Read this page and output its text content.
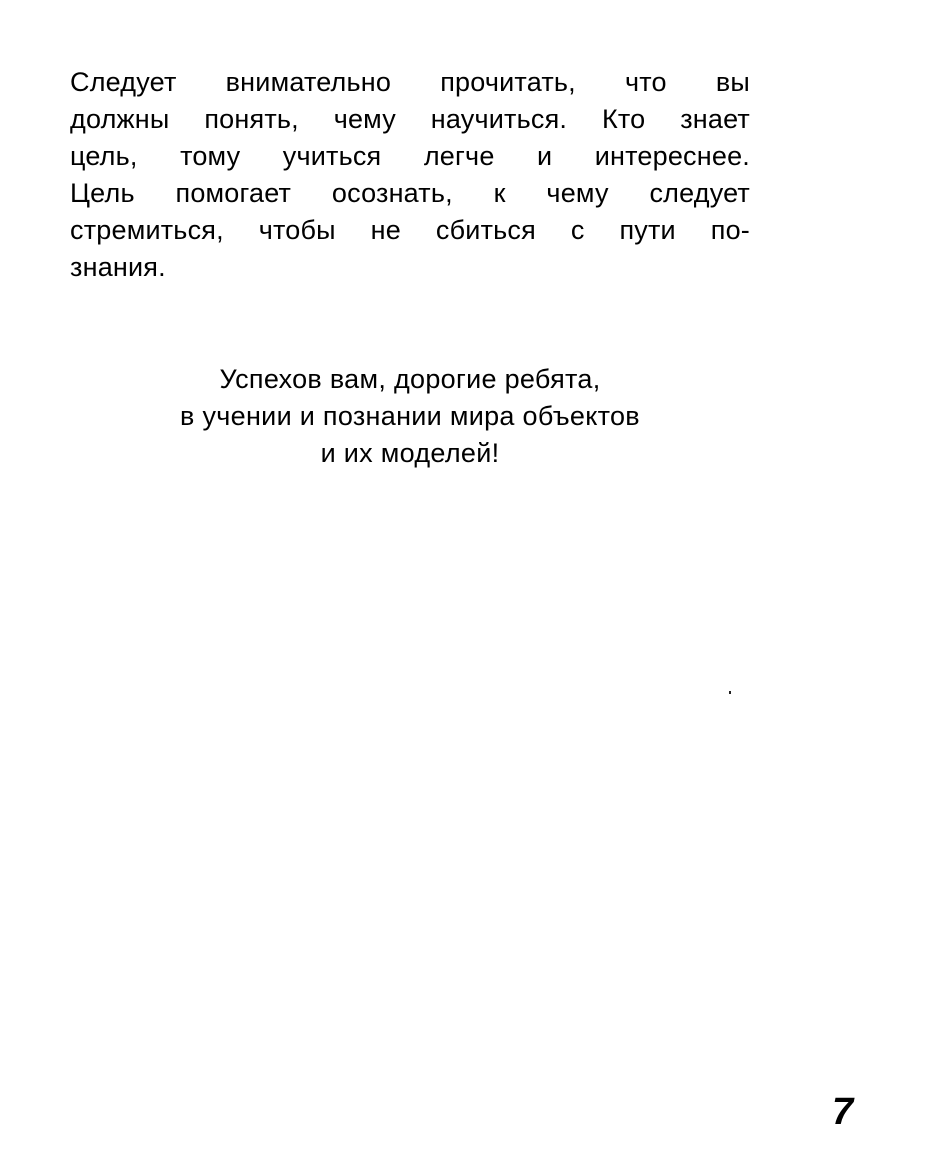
Следует внимательно прочитать, что вы
должны понять, чему научиться. Кто знает
цель, тому учиться легче и интереснее.
Цель помогает осознать, к чему следует
стремиться, чтобы не сбиться с пути по-
знания.

Успехов вам, дорогие ребята,
в учении и познании мира объектов
и их моделей!

7
